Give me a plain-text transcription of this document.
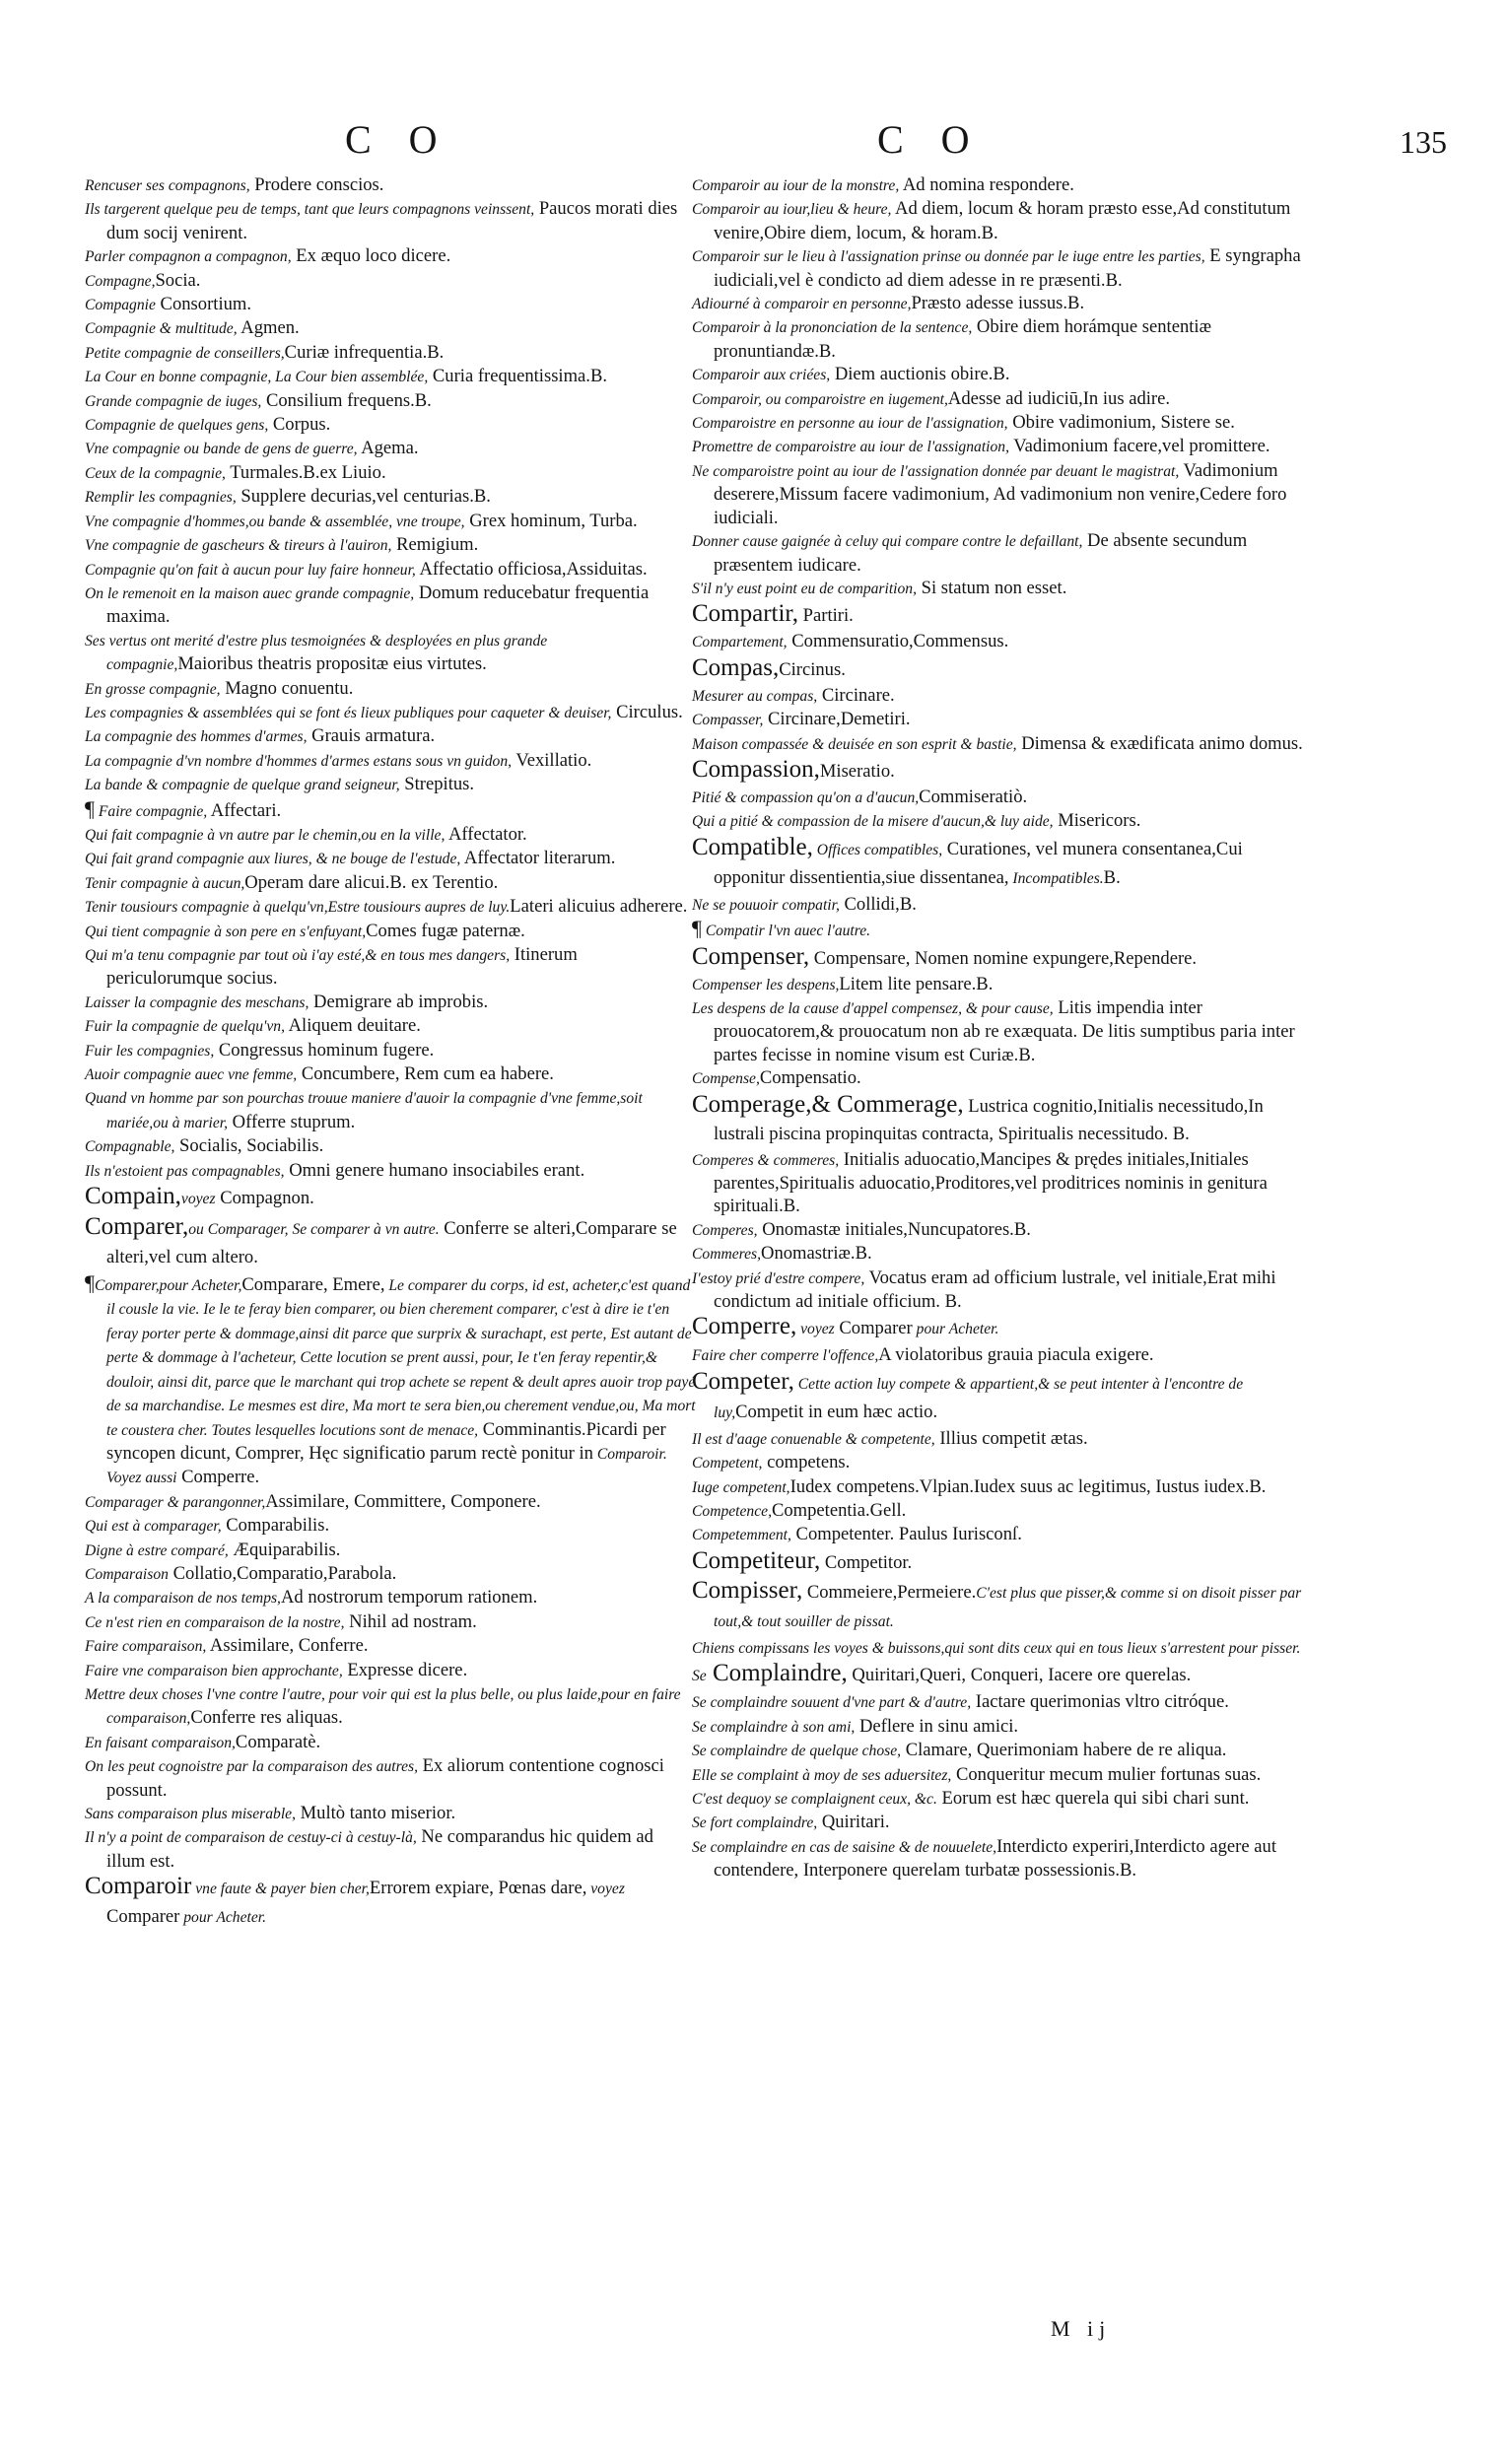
C O	C O	135

Rencuser ses compagnons, Prodere conscios.

Ils targerent quelque peu de temps, tant que leurs compagnons veinssent, Paucos morati dies dum socij venirent.

Parler compagnon a compagnon, Ex æquo loco dicere.

Compagne,Socia.

Compagnie Consortium.

Compagnie & multitude, Agmen.

Petite compagnie de conseillers,Curiæ infrequentia.B.

La Cour en bonne compagnie, La Cour bien assemblée, Curia frequentissima.B.

Grande compagnie de iuges, Consilium frequens.B.

Compagnie de quelques gens, Corpus.

Vne compagnie ou bande de gens de guerre, Agema.

Ceux de la compagnie, Turmales.B.ex Liuio.

Remplir les compagnies, Supplere decurias,vel centurias.B.

Vne compagnie d'hommes,ou bande & assemblée, vne troupe, Grex hominum, Turba.

Vne compagnie de gascheurs & tireurs à l'auiron, Remigium.

Compagnie qu'on fait à aucun pour luy faire honneur, Affectatio officiosa,Assiduitas.

On le remenoit en la maison auec grande compagnie, Domum reducebatur frequentia maxima.

Ses vertus ont merité d'estre plus tesmoignées & desployées en plus grande compagnie,Maioribus theatris propositæ eius virtutes.

En grosse compagnie, Magno conuentu.

Les compagnies & assemblées qui se font és lieux publiques pour caqueter & deuiser, Circulus.

La compagnie des hommes d'armes, Grauis armatura.

La compagnie d'vn nombre d'hommes d'armes estans sous vn guidon, Vexillatio.

La bande & compagnie de quelque grand seigneur, Strepitus.

¶ Faire compagnie, Affectari.

Qui fait compagnie à vn autre par le chemin,ou en la ville, Affectator.

Qui fait grand compagnie aux liures, & ne bouge de l'estude, Affectator literarum.

Tenir compagnie à aucun,Operam dare alicui.B. ex Terentio.

Tenir tousiours compagnie à quelqu'vn,Estre tousiours aupres de luy.Lateri alicuius adherere.

Qui tient compagnie à son pere en s'enfuyant,Comes fugæ paternæ.

Qui m'a tenu compagnie par tout où i'ay esté,& en tous mes dangers, Itinerum periculorumque socius.

Laisser la compagnie des meschans, Demigrare ab improbis.

Fuir la compagnie de quelqu'vn, Aliquem deuitare.

Fuir les compagnies, Congressus hominum fugere.

Auoir compagnie auec vne femme, Concumbere, Rem cum ea habere.

Quand vn homme par son pourchas trouue maniere d'auoir la compagnie d'vne femme,soit mariée,ou à marier, Offerre stuprum.

Compagnable, Socialis, Sociabilis.

Ils n'estoient pas compagnables, Omni genere humano insociabiles erant.

Compain,voyez Compagnon.

Comparer,ou Comparager, Se comparer à vn autre. Conferre se alteri,Comparare se alteri,vel cum altero.

¶Comparer,pour Acheter,Comparare, Emere, Le comparer du corps, id est, acheter,c'est quand il cousle la vie. Ie le te feray bien comparer, ou bien cherement comparer, c'est à dire ie t'en feray porter perte & dommage,ainsi dit parce que surprix & surachapt, est perte, Est autant de perte & dommage à l'acheteur, Cette locution se prent aussi, pour, Ie t'en feray repentir,& douloir, ainsi dit, parce que le marchant qui trop achete se repent & deult apres auoir trop payé de sa marchandise. Le mesmes est dire, Ma mort te sera bien,ou cherement vendue,ou, Ma mort te coustera cher. Toutes lesquelles locutions sont de menace, Comminantis.Picardi per syncopen dicunt, Comprer, Hęc significatio parum rectè ponitur in Comparoir. Voyez aussi Comperre.

Comparager & parangonner,Assimilare, Committere, Componere.

Qui est à comparager, Comparabilis.

Digne à estre comparé, Æquiparabilis.

Comparaison Collatio,Comparatio,Parabola.

A la comparaison de nos temps,Ad nostrorum temporum rationem.

Ce n'est rien en comparaison de la nostre, Nihil ad nostram.

Faire comparaison, Assimilare, Conferre.

Faire vne comparaison bien approchante, Expresse dicere.

Mettre deux choses l'vne contre l'autre, pour voir qui est la plus belle, ou plus laide,pour en faire comparaison,Conferre res aliquas.

En faisant comparaison,Comparatè.

On les peut cognoistre par la comparaison des autres, Ex aliorum contentione cognosci possunt.

Sans comparaison plus miserable, Multò tanto miserior.

Il n'y a point de comparaison de cestuy-ci à cestuy-là, Ne comparandus hic quidem ad illum est.

Comparoir vne faute & payer bien cher,Errorem expiare, Pœnas dare, voyez Comparer pour Acheter.

Comparoir au iour de la monstre, Ad nomina respondere.

Comparoir au iour,lieu & heure, Ad diem, locum & horam præsto esse,Ad constitutum venire,Obire diem, locum, & horam.B.

Comparoir sur le lieu à l'assignation prinse ou donnée par le iuge entre les parties, E syngrapha iudiciali,vel è condicto ad diem adesse in re præsenti.B.

Adiourné à comparoir en personne,Præsto adesse iussus.B.

Comparoir à la prononciation de la sentence, Obire diem horámque sententiæ pronuntiandæ.B.

Comparoir aux criées, Diem auctionis obire.B.

Comparoir, ou comparoistre en iugement,Adesse ad iudiciū,In ius adire.

Comparoistre en personne au iour de l'assignation, Obire vadimonium, Sistere se.

Promettre de comparoistre au iour de l'assignation, Vadimonium facere,vel promittere.

Ne comparoistre point au iour de l'assignation donnée par deuant le magistrat, Vadimonium deserere,Missum facere vadimonium, Ad vadimonium non venire,Cedere foro iudiciali.

Donner cause gaignée à celuy qui compare contre le defaillant, De absente secundum præsentem iudicare.

S'il n'y eust point eu de comparition, Si statum non esset.

Compartir, Partiri.

Compartement, Commensuratio,Commensus.

Compas,Circinus.

Mesurer au compas, Circinare.

Compasser, Circinare,Demetiri.

Maison compassée & deuisée en son esprit & bastie, Dimensa & exædificata animo domus.

Compassion,Miseratio.

Pitié & compassion qu'on a d'aucun,Commiseratiò.

Qui a pitié & compassion de la misere d'aucun,& luy aide, Misericors.

Compatible, Offices compatibles, Curationes, vel munera consentanea,Cui opponitur dissentientia,siue dissentanea, Incompatibles.B.

Ne se pouuoir compatir, Collidi,B.

¶ Compatir l'vn auec l'autre.

Compenser, Compensare, Nomen nomine expungere,Rependere.

Compenser les despens,Litem lite pensare.B.

Les despens de la cause d'appel compensez, & pour cause, Litis impendia inter prouocatorem,& prouocatum non ab re exæquata. De litis sumptibus paria inter partes fecisse in nomine visum est Curiæ.B.

Compense,Compensatio.

Comperage,& Commerage, Lustrica cognitio,Initialis necessitudo,In lustrali piscina propinquitas contracta, Spiritualis necessitudo. B.

Comperes & commeres, Initialis aduocatio,Mancipes & prędes initiales,Initiales parentes,Spiritualis aduocatio,Proditores,vel proditrices nominis in genitura spirituali.B.

Comperes, Onomastæ initiales,Nuncupatores.B.

Commeres,Onomastriæ.B.

I'estoy prié d'estre compere, Vocatus eram ad officium lustrale, vel initiale,Erat mihi condictum ad initiale officium. B.

Comperre, voyez Comparer pour Acheter.

Faire cher comperre l'offence,A violatoribus grauia piacula exigere.

Competer, Cette action luy compete & appartient,& se peut intenter à l'encontre de luy,Competit in eum hæc actio.

Il est d'aage conuenable & competente, Illius competit ætas.

Competent, competens.

Iuge competent,Iudex competens.Vlpian.Iudex suus ac legitimus, Iustus iudex.B.

Competence,Competentia.Gell.

Competemment, Competenter. Paulus Iurisconſ.

Competiteur, Competitor.

Compisser, Commeiere,Permeiere.C'est plus que pisser,& comme si on disoit pisser par tout,& tout souiller de pissat.

Chiens compissans les voyes & buissons,qui sont dits ceux qui en tous lieux s'arrestent pour pisser.

Se Complaindre, Quiritari,Queri, Conqueri, Iacere ore querelas.

Se complaindre souuent d'vne part & d'autre, Iactare querimonias vltro citróque.

Se complaindre à son ami, Deflere in sinu amici.

Se complaindre de quelque chose, Clamare, Querimoniam habere de re aliqua.

Elle se complaint à moy de ses aduersitez, Conqueritur mecum mulier fortunas suas.

C'est dequoy se complaignent ceux, &c. Eorum est hæc querela qui sibi chari sunt.

Se fort complaindre, Quiritari.

Se complaindre en cas de saisine & de nouuelete,Interdicto experiri,Interdicto agere aut contendere, Interponere querelam turbatæ possessionis.B.

M ij
